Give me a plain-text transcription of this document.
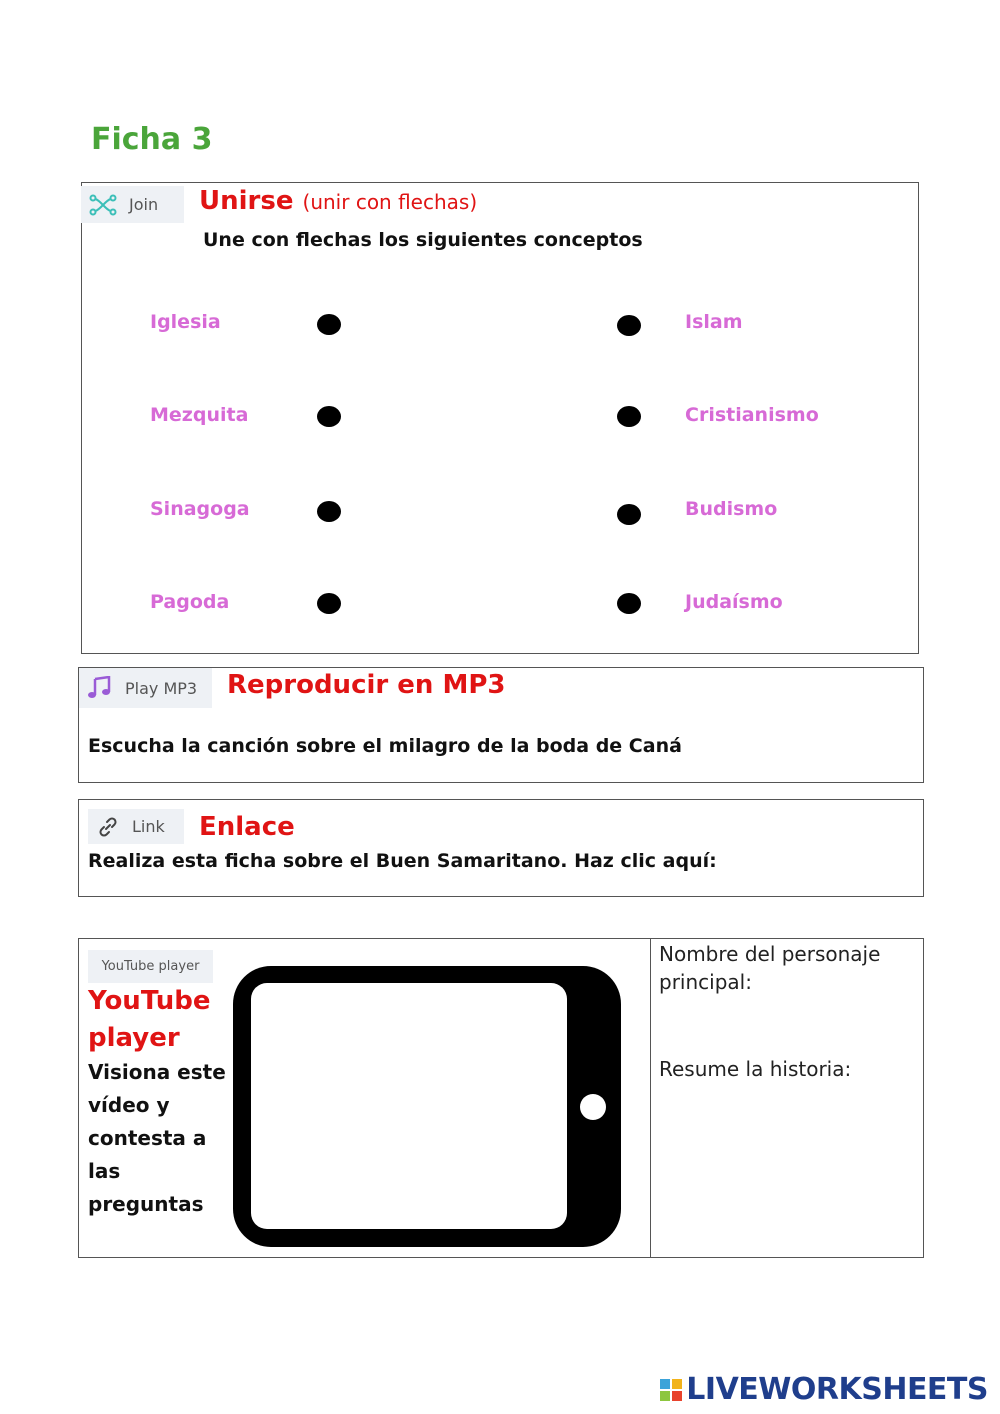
Ficha 3
Join Unirse (unir con flechas)
Une con flechas los siguientes conceptos
Iglesia
Mezquita
Sinagoga
Pagoda
Islam
Cristianismo
Budismo
Judaísmo
Play MP3 Reproducir en MP3
Escucha la canción sobre el milagro de la boda de Caná
Link Enlace
Realiza esta ficha sobre el Buen Samaritano. Haz clic aquí:
YouTube player
YouTube
player
Visiona este
vídeo y
contesta a
las
preguntas
Nombre del personaje
principal:
Resume la historia:
LIVEWORKSHEETS
